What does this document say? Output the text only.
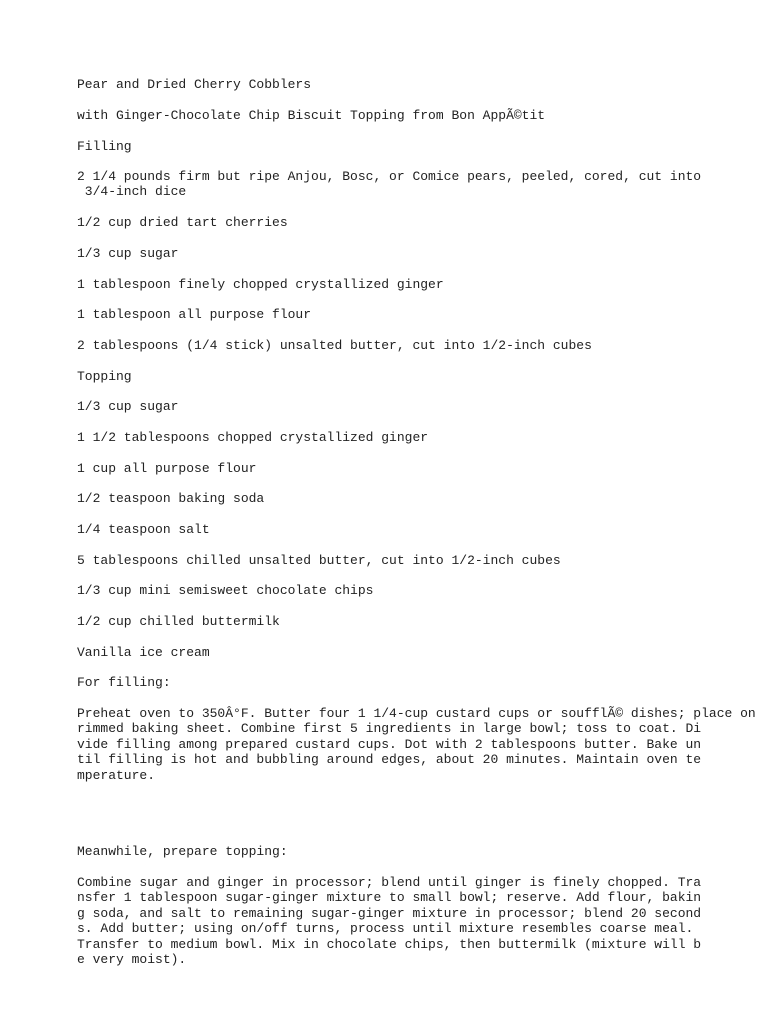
Pear and Dried Cherry Cobblers

with Ginger-Chocolate Chip Biscuit Topping from Bon AppÃ©tit

Filling

2 1/4 pounds firm but ripe Anjou, Bosc, or Comice pears, peeled, cored, cut into
3/4-inch dice

1/2 cup dried tart cherries

1/3 cup sugar

1 tablespoon finely chopped crystallized ginger

1 tablespoon all purpose flour

2 tablespoons (1/4 stick) unsalted butter, cut into 1/2-inch cubes

Topping

1/3 cup sugar

1 1/2 tablespoons chopped crystallized ginger

1 cup all purpose flour

1/2 teaspoon baking soda

1/4 teaspoon salt

5 tablespoons chilled unsalted butter, cut into 1/2-inch cubes

1/3 cup mini semisweet chocolate chips

1/2 cup chilled buttermilk

Vanilla ice cream

For filling:

Preheat oven to 350Â°F. Butter four 1 1/4-cup custard cups or soufflÃ© dishes; place on
rimmed baking sheet. Combine first 5 ingredients in large bowl; toss to coat. Di
vide filling among prepared custard cups. Dot with 2 tablespoons butter. Bake un
til filling is hot and bubbling around edges, about 20 minutes. Maintain oven te
mperature.

Meanwhile, prepare topping:

Combine sugar and ginger in processor; blend until ginger is finely chopped. Tra
nsfer 1 tablespoon sugar-ginger mixture to small bowl; reserve. Add flour, bakin
g soda, and salt to remaining sugar-ginger mixture in processor; blend 20 second
s. Add butter; using on/off turns, process until mixture resembles coarse meal.
Transfer to medium bowl. Mix in chocolate chips, then buttermilk (mixture will b
e very moist).
